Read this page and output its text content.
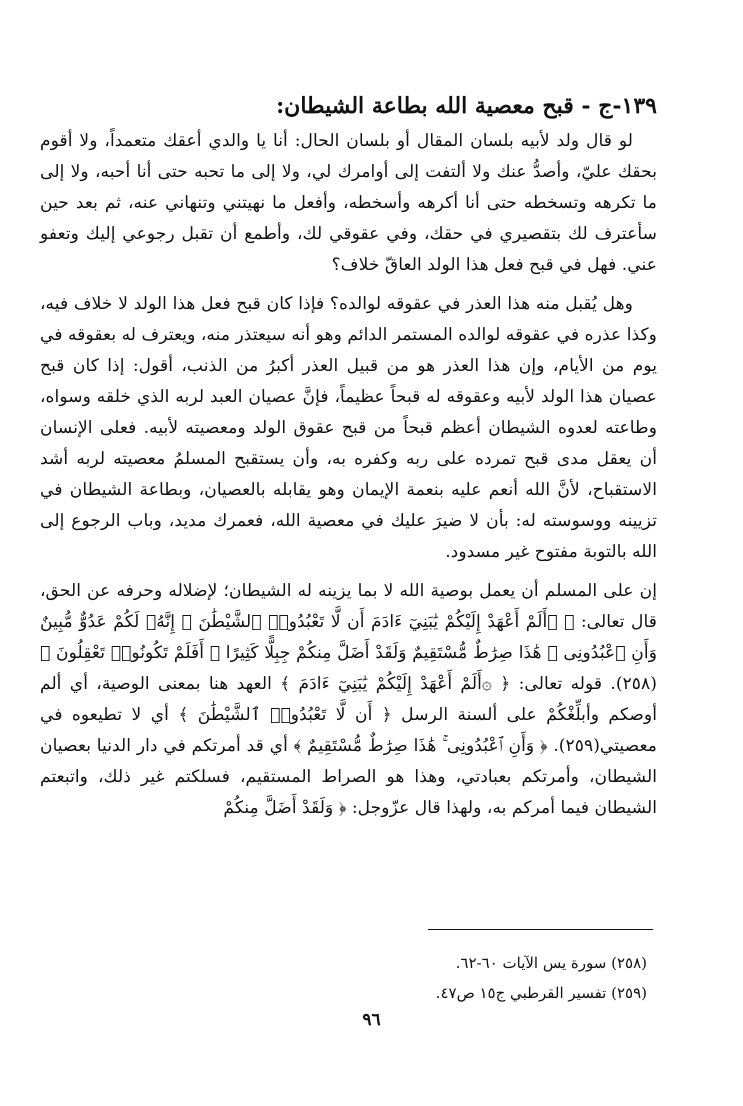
١٣٩-ج - قبح معصية الله بطاعة الشيطان:

لو قال ولد لأبيه بلسان المقال أو بلسان الحال: أنا يا والدي أعقك متعمداً، ولا أقوم بحقك عليّ، وأصدُّ عنك ولا ألتفت إلى أوامرك لي، ولا إلى ما تحبه حتى أنا أحبه، ولا إلى ما تكرهه وتسخطه حتى أنا أكرهه وأسخطه، وأفعل ما نهيتني وتنهاني عنه، ثم بعد حين سأعترف لك بتقصيري في حقك، وفي عقوقي لك، وأطمع أن تقبل رجوعي إليك وتعفو عني. فهل في قبح فعل هذا الولد العاقّ خلاف؟

وهل يُقبل منه هذا العذر في عقوقه لوالده؟ فإذا كان قبح فعل هذا الولد لا خلاف فيه، وكذا عذره في عقوقه لوالده المستمر الدائم وهو أنه سيعتذر منه، ويعترف له بعقوقه في يوم من الأيام، وإن هذا العذر هو من قبيل العذر أكبرُ من الذنب، أقول: إذا كان قبح عصيان هذا الولد لأبيه وعقوقه له قبحاً عظيماً، فإنَّ عصيان العبد لربه الذي خلقه وسواه، وطاعته لعدوه الشيطان أعظم قبحاً من قبح عقوق الولد ومعصيته لأبيه. فعلى الإنسان أن يعقل مدى قبح تمرده على ربه وكفره به، وأن يستقبح المسلمُ معصيته لربه أشد الاستقباح، لأنَّ الله أنعم عليه بنعمة الإيمان وهو يقابله بالعصيان، وبطاعة الشيطان في تزيينه ووسوسته له: بأن لا ضيرَ عليك في معصية الله، فعمرك مديد، وباب الرجوع إلى الله بالتوبة مفتوح غير مسدود.

إن على المسلم أن يعمل بوصية الله لا بما يزينه له الشيطان؛ لإضلاله وحرفه عن الحق، قال تعالى: ﴿ ۞أَلَمْ أَعْهَدْ إِلَيْكُمْ يَٰبَنِيٓ ءَادَمَ أَن لَّا تَعْبُدُوا۟ ٱلشَّيْطَٰنَ ۖ إِنَّهُۥ لَكُمْ عَدُوٌّ مُّبِينٌ وَأَنِ ٱعْبُدُونِى ۚ هَٰذَا صِرَٰطٌ مُّسْتَقِيمٌ وَلَقَدْ أَضَلَّ مِنكُمْ جِبِلًّا كَثِيرًا ۖ أَفَلَمْ تَكُونُوا۟ تَعْقِلُونَ ﴾(٢٥٨). قوله تعالى: ﴿ ۞أَلَمْ أَعْهَدْ إِلَيْكُمْ يَٰبَنِيٓ ءَادَمَ ﴾ العهد هنا بمعنى الوصية، أي ألم أوصكم وأبلِّغْكُمْ على ألسنة الرسل ﴿ أَن لَّا تَعْبُدُوا۟ ٱلشَّيْطَٰنَ ﴾ أي لا تطيعوه في معصيتي(٢٥٩). ﴿ وَأَنِ ٱعْبُدُونِى ۚ هَٰذَا صِرَٰطٌ مُّسْتَقِيمٌ ﴾ أي قد أمرتكم في دار الدنيا بعصيان الشيطان، وأمرتكم بعبادتي، وهذا هو الصراط المستقيم، فسلكتم غير ذلك، واتبعتم الشيطان فيما أمركم به، ولهذا قال عزّوجل: ﴿ وَلَقَدْ أَضَلَّ مِنكُمْ

(٢٥٨) سورة يس الآيات ٦٠-٦٢.

(٢٥٩) تفسير القرطبي ج١٥ ص٤٧.

٩٦
